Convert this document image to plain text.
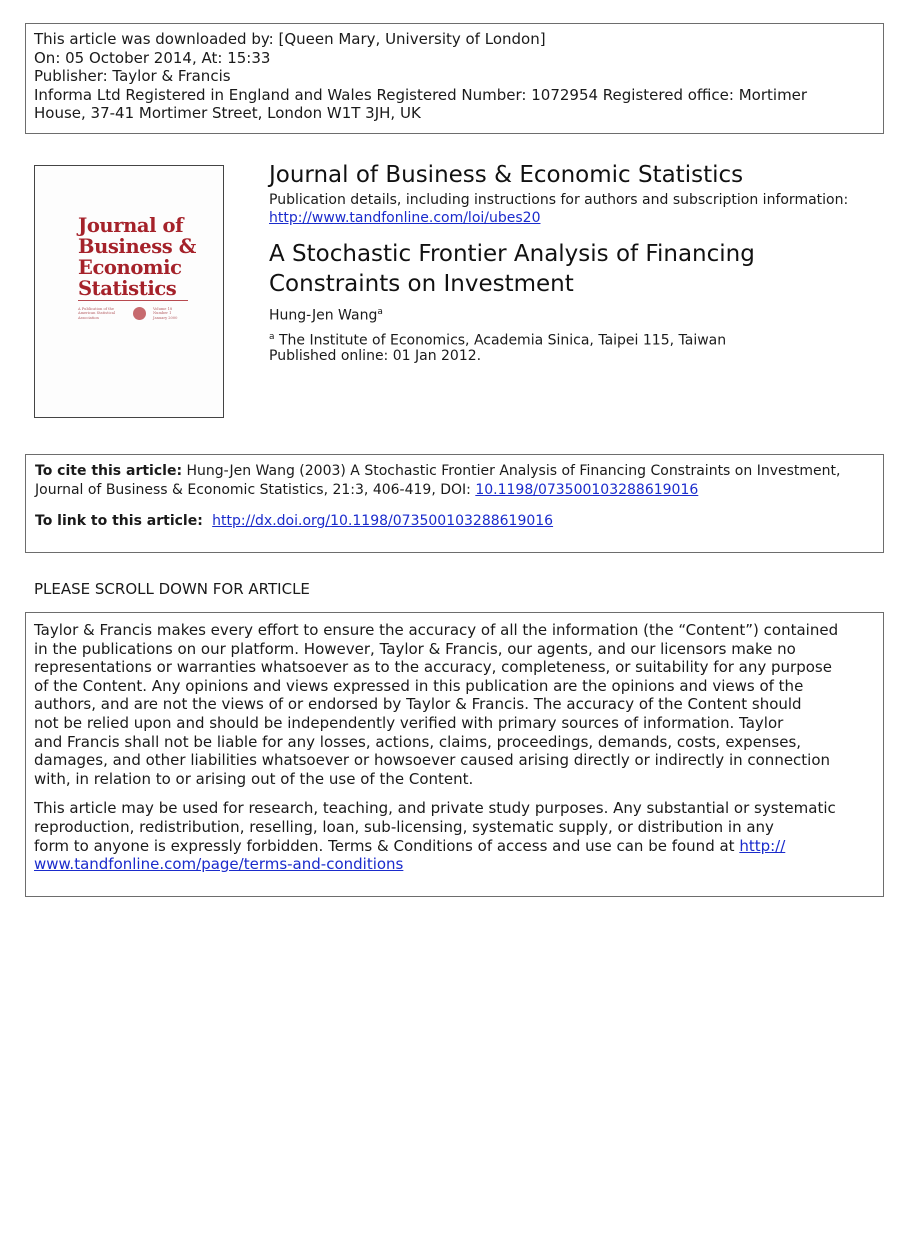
This article was downloaded by: [Queen Mary, University of London]
On: 05 October 2014, At: 15:33
Publisher: Taylor & Francis
Informa Ltd Registered in England and Wales Registered Number: 1072954 Registered office: Mortimer
House, 37-41 Mortimer Street, London W1T 3JH, UK
Journal of
Business &
Economic
Statistics
A Publication of the
American Statistical
Association
Volume 18
Number 1
January 2000
Journal of Business & Economic Statistics
Publication details, including instructions for authors and subscription information:
http://www.tandfonline.com/loi/ubes20
A Stochastic Frontier Analysis of Financing
Constraints on Investment
Hung-Jen Wang$^a$
$^a$ The Institute of Economics, Academia Sinica, Taipei 115, Taiwan
Published online: 01 Jan 2012.
To cite this article: Hung-Jen Wang (2003) A Stochastic Frontier Analysis of Financing Constraints on Investment,
Journal of Business & Economic Statistics, 21:3, 406-419, DOI: 10.1198/073500103288619016
To link to this article:  http://dx.doi.org/10.1198/073500103288619016
PLEASE SCROLL DOWN FOR ARTICLE

Taylor & Francis makes every effort to ensure the accuracy of all the information (the “Content”) contained
in the publications on our platform. However, Taylor & Francis, our agents, and our licensors make no
representations or warranties whatsoever as to the accuracy, completeness, or suitability for any purpose
of the Content. Any opinions and views expressed in this publication are the opinions and views of the
authors, and are not the views of or endorsed by Taylor & Francis. The accuracy of the Content should
not be relied upon and should be independently verified with primary sources of information. Taylor
and Francis shall not be liable for any losses, actions, claims, proceedings, demands, costs, expenses,
damages, and other liabilities whatsoever or howsoever caused arising directly or indirectly in connection
with, in relation to or arising out of the use of the Content.

This article may be used for research, teaching, and private study purposes. Any substantial or systematic
reproduction, redistribution, reselling, loan, sub-licensing, systematic supply, or distribution in any
form to anyone is expressly forbidden. Terms & Conditions of access and use can be found at http://
www.tandfonline.com/page/terms-and-conditions
